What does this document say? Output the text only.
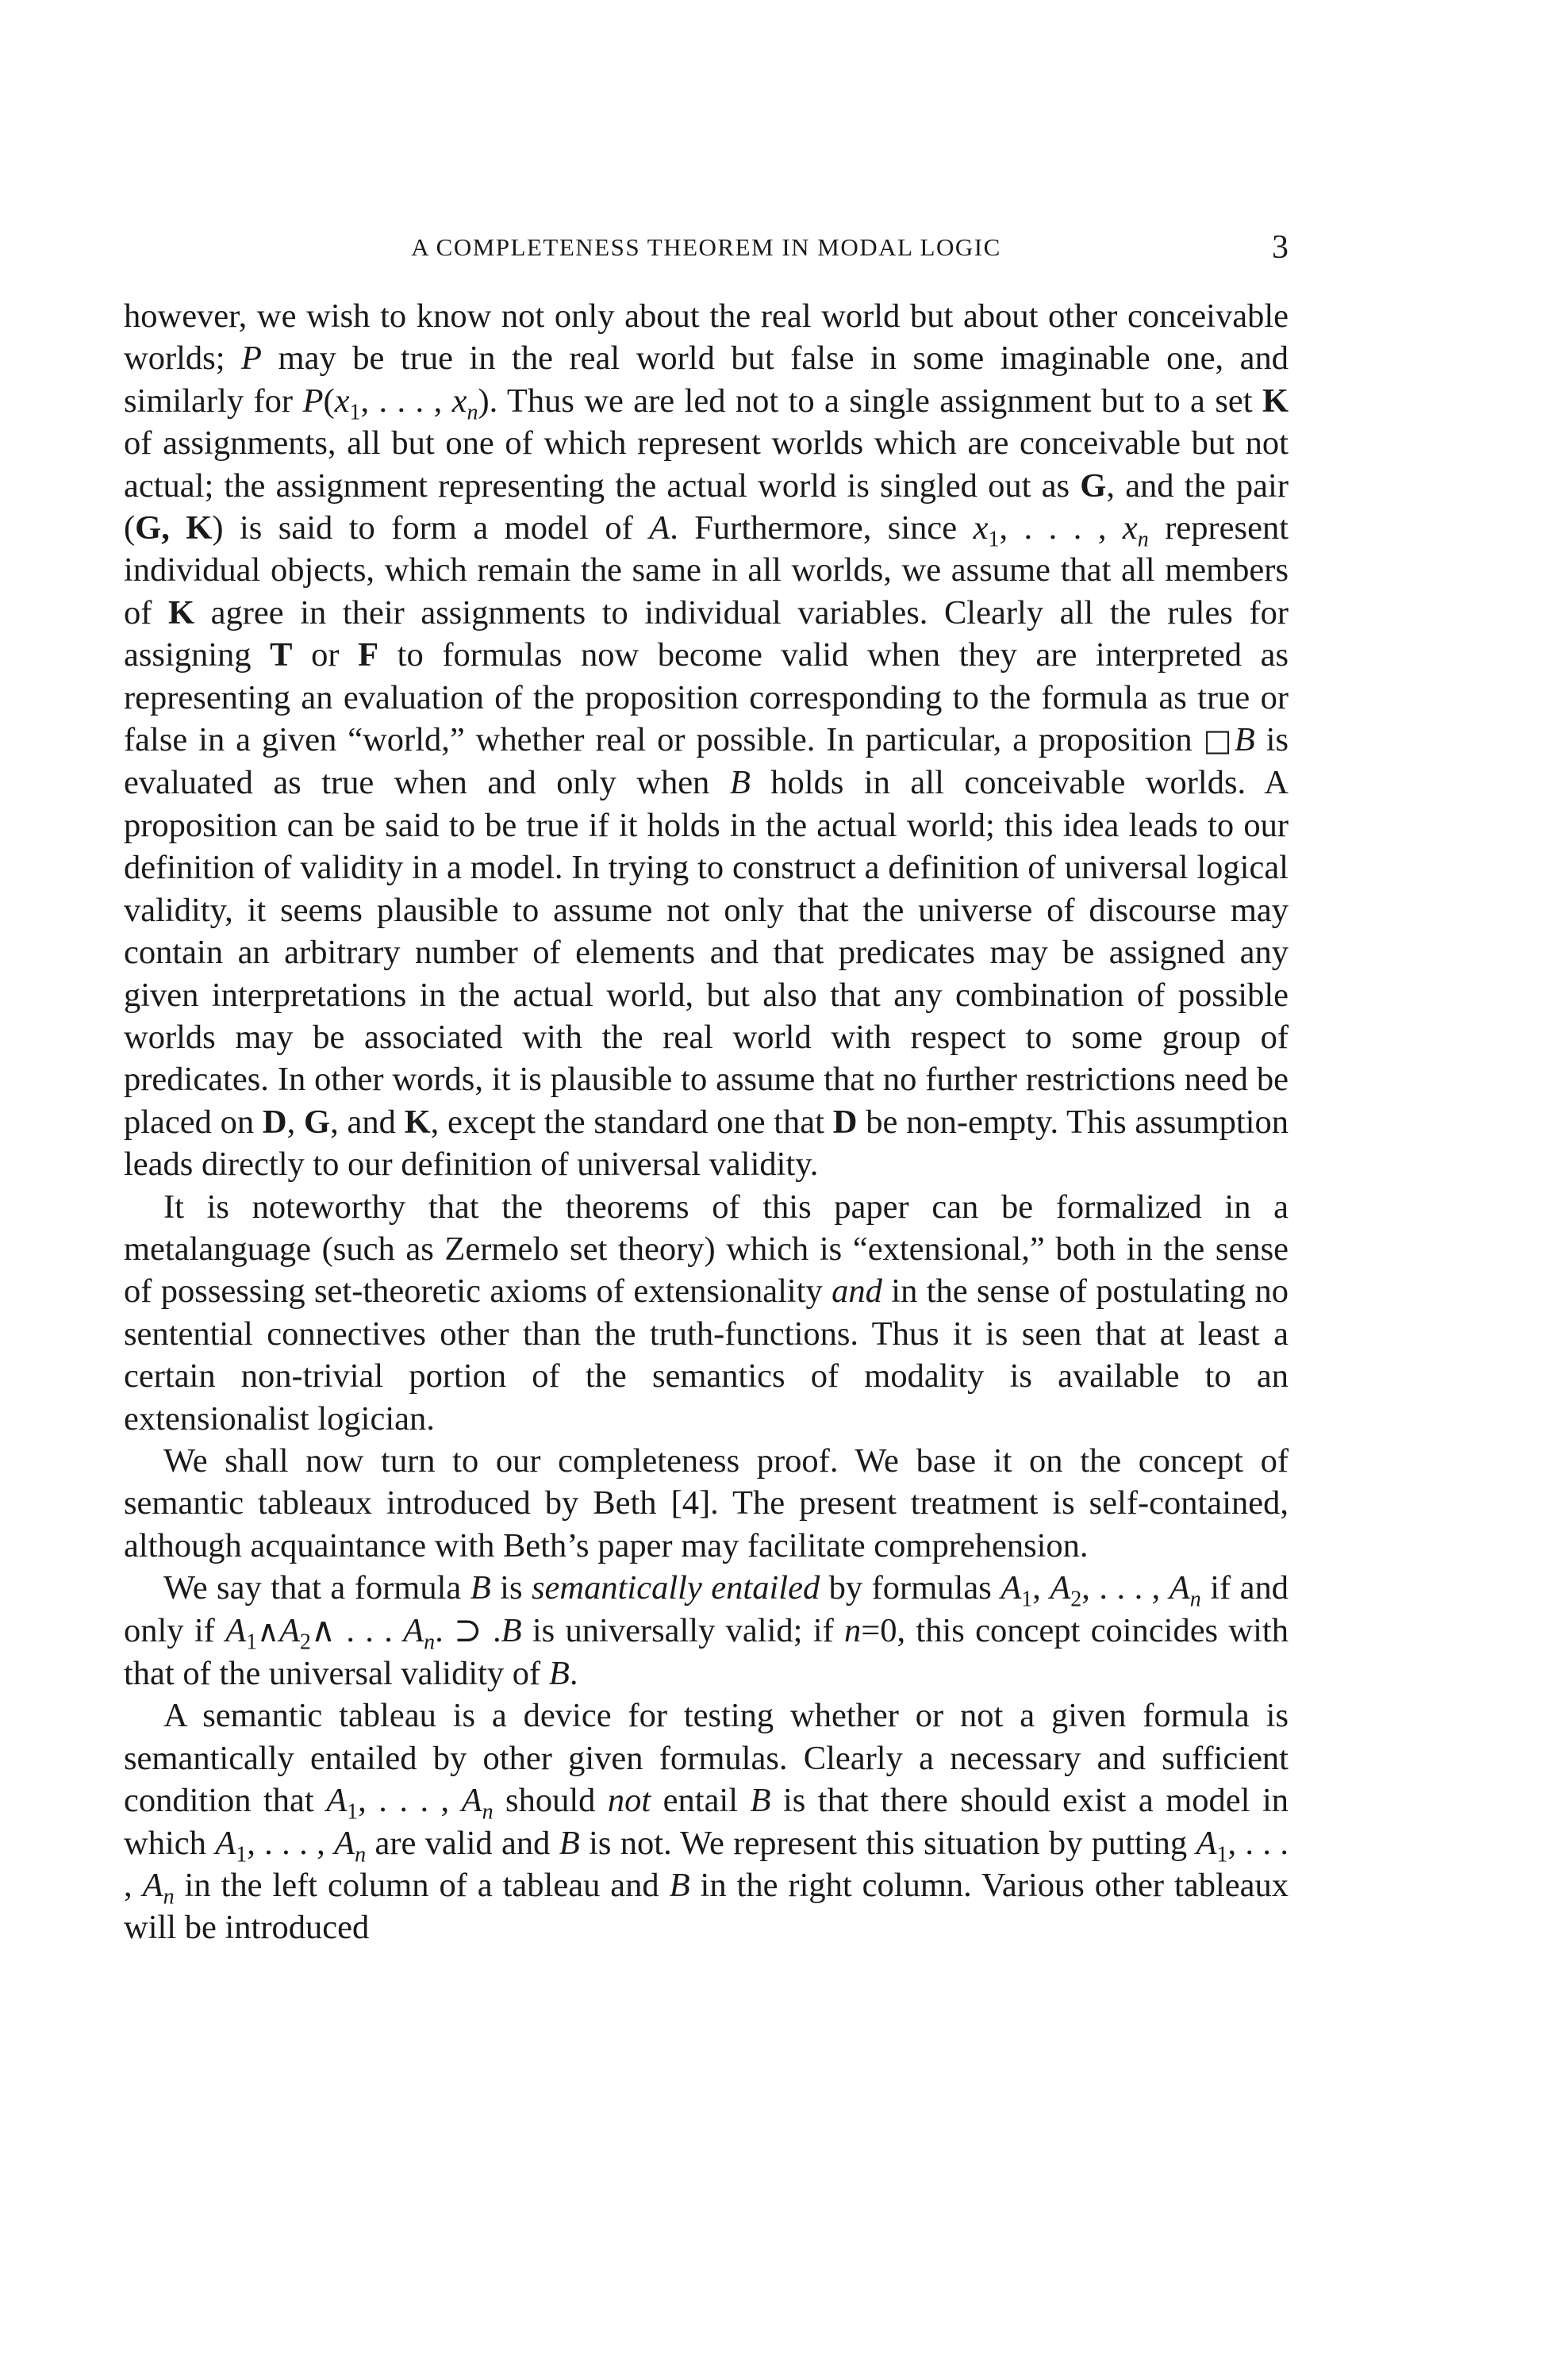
A COMPLETENESS THEOREM IN MODAL LOGIC	3

however, we wish to know not only about the real world but about other conceivable worlds; P may be true in the real world but false in some imaginable one, and similarly for $P(x_1$, . . . , $x_n$). Thus we are led not to a single assignment but to a set K of assignments, all but one of which represent worlds which are conceivable but not actual; the assignment representing the actual world is singled out as G, and the pair (G, K) is said to form a model of A. Furthermore, since $x_1$, . . . , $x_n$ represent individual objects, which remain the same in all worlds, we assume that all members of K agree in their assignments to individual variables. Clearly all the rules for assigning T or F to formulas now become valid when they are interpreted as representing an evaluation of the proposition corresponding to the formula as true or false in a given “world,” whether real or possible. In particular, a proposition □B is evaluated as true when and only when B holds in all conceivable worlds. A proposition can be said to be true if it holds in the actual world; this idea leads to our definition of validity in a model. In trying to construct a definition of universal logical validity, it seems plausible to assume not only that the universe of discourse may contain an arbitrary number of elements and that predicates may be assigned any given interpretations in the actual world, but also that any combination of possible worlds may be associated with the real world with respect to some group of predicates. In other words, it is plausible to assume that no further restrictions need be placed on D, G, and K, except the standard one that D be non-empty. This assumption leads directly to our definition of universal validity.

It is noteworthy that the theorems of this paper can be formalized in a metalanguage (such as Zermelo set theory) which is “extensional,” both in the sense of possessing set-theoretic axioms of extensionality and in the sense of postulating no sentential connectives other than the truth-functions. Thus it is seen that at least a certain non-trivial portion of the semantics of modality is available to an extensionalist logician.

We shall now turn to our completeness proof. We base it on the concept of semantic tableaux introduced by Beth [4]. The present treatment is self-contained, although acquaintance with Beth’s paper may facilitate comprehension.

We say that a formula B is semantically entailed by formulas $A_1$, $A_2$, . . . , $A_n$ if and only if $A_1\wedge A_2\wedge$ . . . $A_n$. ⊃ .B is universally valid; if n=0, this concept coincides with that of the universal validity of B.

A semantic tableau is a device for testing whether or not a given formula is semantically entailed by other given formulas. Clearly a necessary and sufficient condition that $A_1$, . . . , $A_n$ should not entail B is that there should exist a model in which $A_1$, . . . , $A_n$ are valid and B is not. We represent this situation by putting $A_1$, . . . , $A_n$ in the left column of a tableau and B in the right column. Various other tableaux will be introduced
